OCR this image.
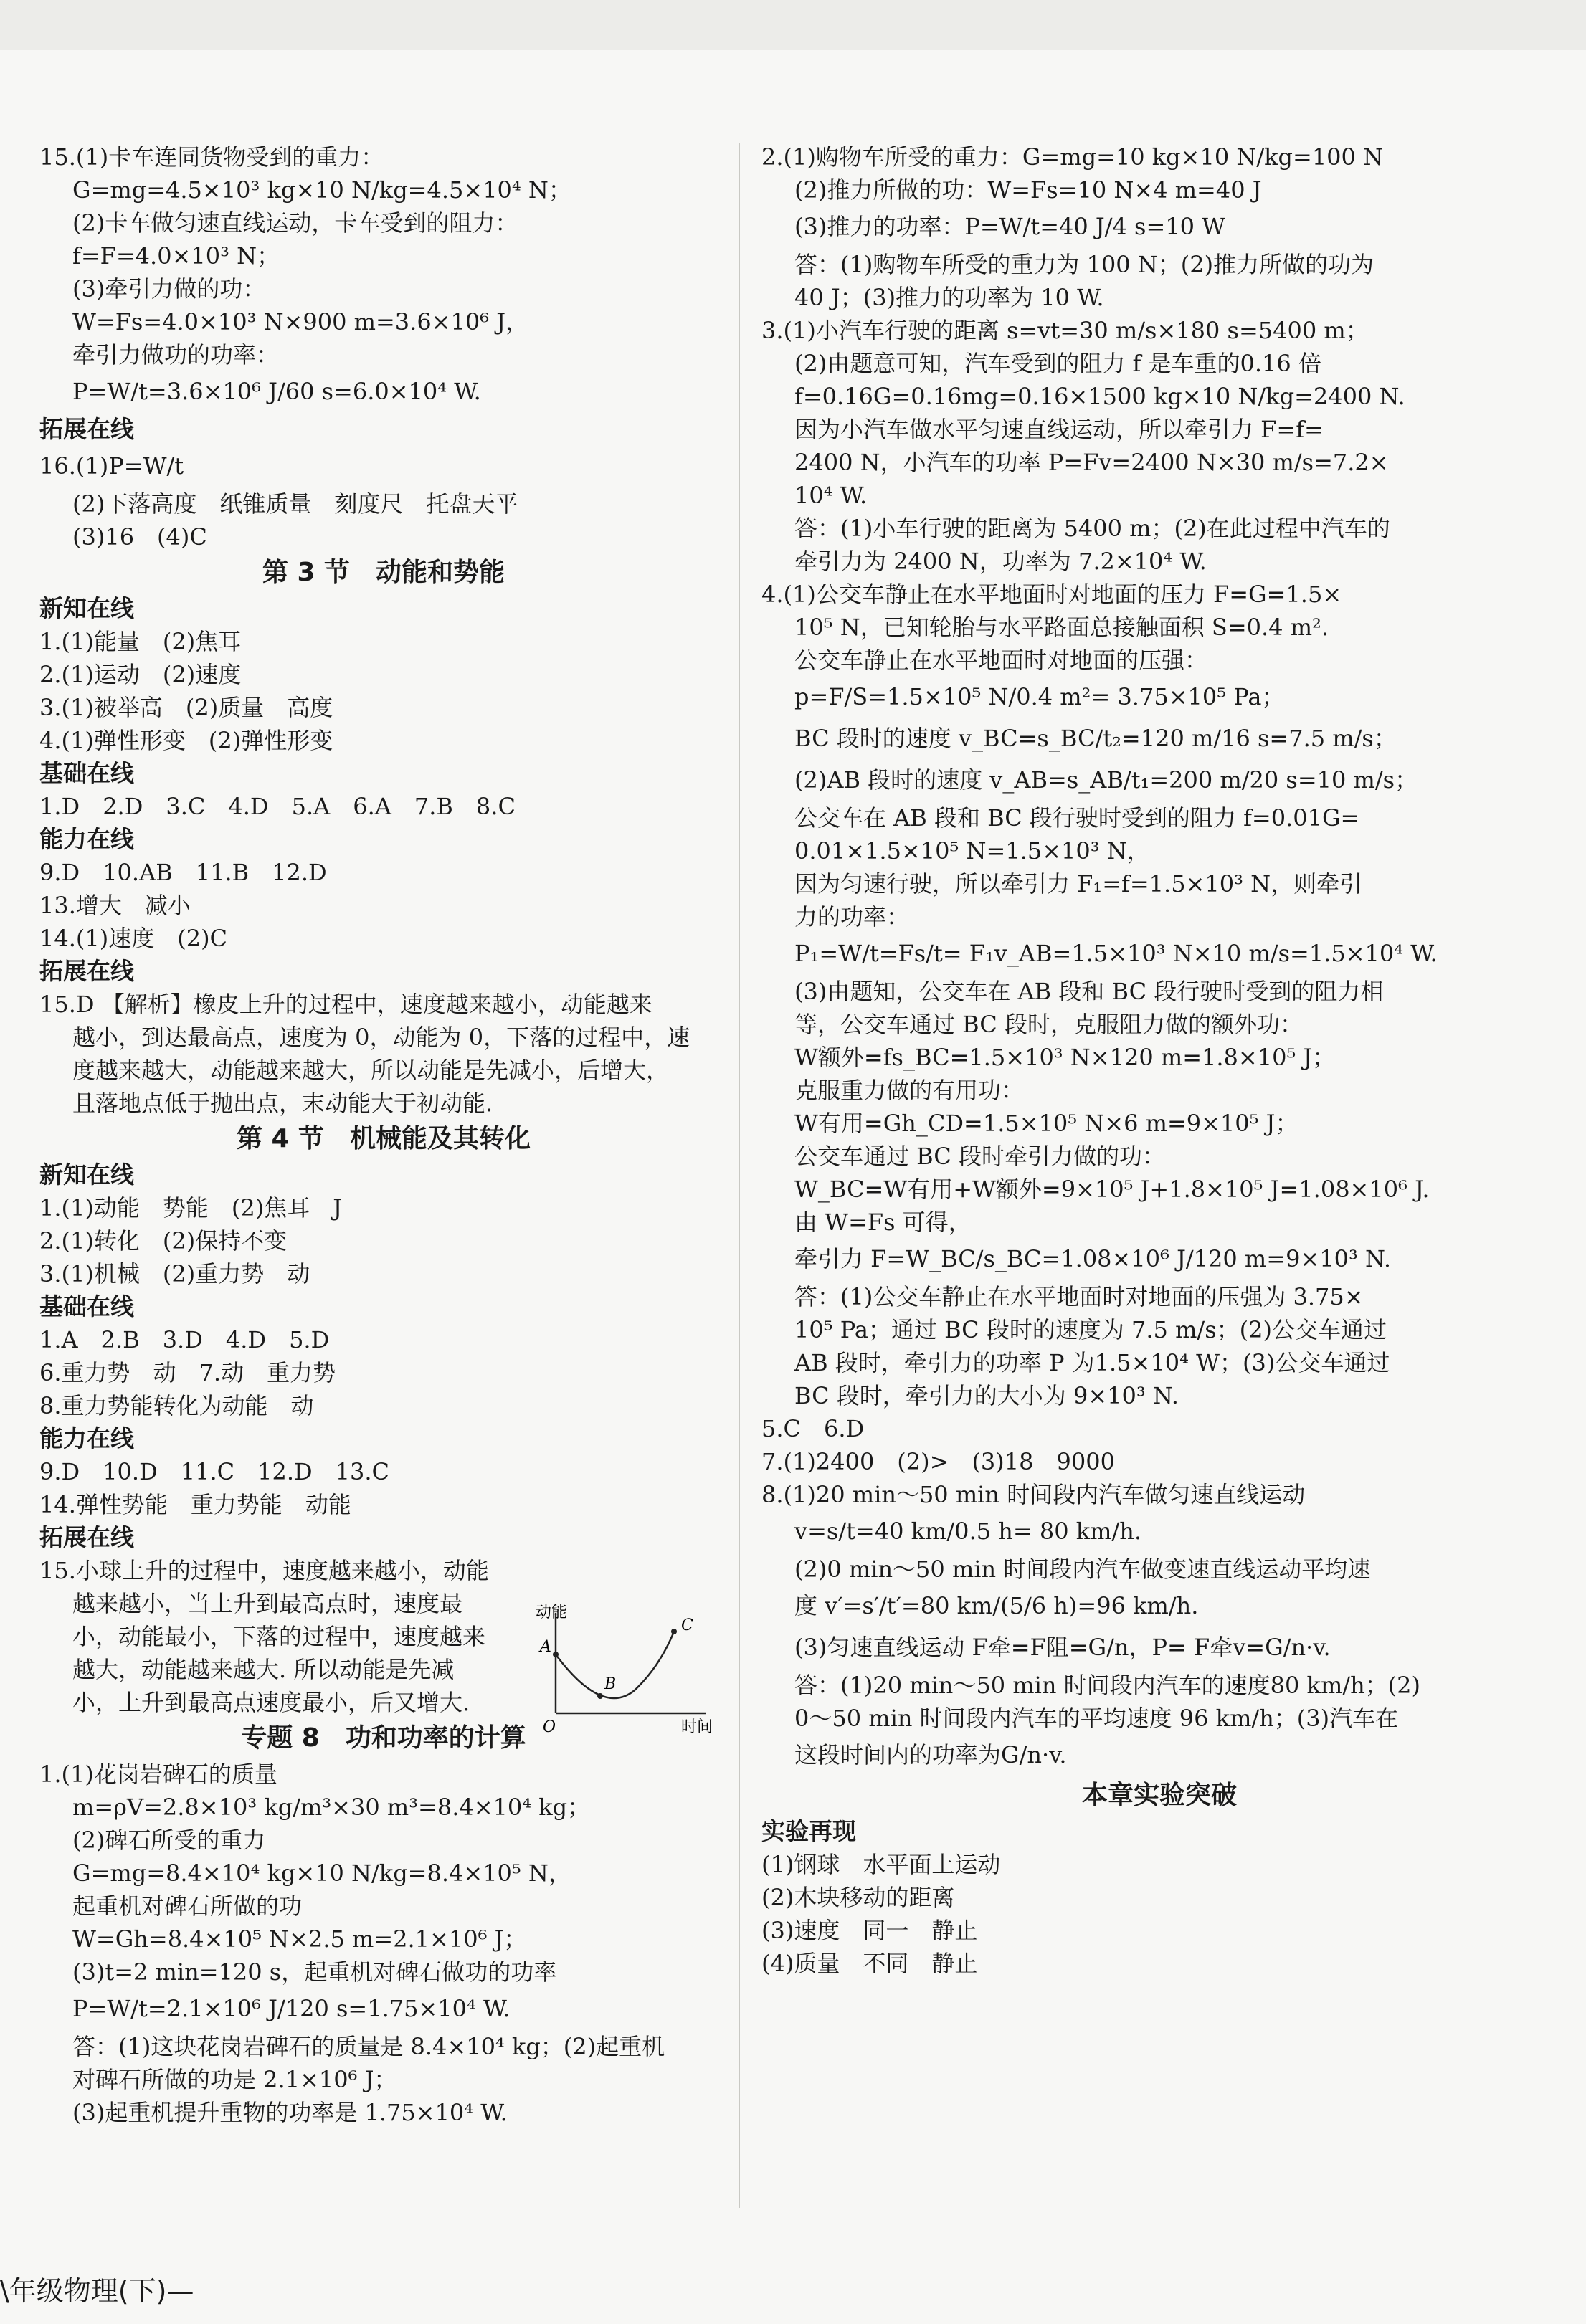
15.(1)卡车连同货物受到的重力：
G=mg=4.5×10³ kg×10 N/kg=4.5×10⁴ N；
(2)卡车做匀速直线运动，卡车受到的阻力：
f=F=4.0×10³ N；
(3)牵引力做的功：
W=Fs=4.0×10³ N×900 m=3.6×10⁶ J，
牵引力做功的功率：
P=W/t=3.6×10⁶ J/60 s=6.0×10⁴ W.
拓展在线
16.(1)P=W/t
(2)下落高度　纸锥质量　刻度尺　托盘天平
(3)16　(4)C
第 3 节　动能和势能
新知在线
1.(1)能量　(2)焦耳
2.(1)运动　(2)速度
3.(1)被举高　(2)质量　高度
4.(1)弹性形变　(2)弹性形变
基础在线
1.D　2.D　3.C　4.D　5.A　6.A　7.B　8.C
能力在线
9.D　10.AB　11.B　12.D
13.增大　减小
14.(1)速度　(2)C
拓展在线
15.D 【解析】橡皮上升的过程中，速度越来越小，动能越来
越小，到达最高点，速度为 0，动能为 0，下落的过程中，速
度越来越大，动能越来越大，所以动能是先减小，后增大，
且落地点低于抛出点，末动能大于初动能.
第 4 节　机械能及其转化
新知在线
1.(1)动能　势能　(2)焦耳　J
2.(1)转化　(2)保持不变
3.(1)机械　(2)重力势　动
基础在线
1.A　2.B　3.D　4.D　5.D
6.重力势　动　7.动　重力势
8.重力势能转化为动能　动
能力在线
9.D　10.D　11.C　12.D　13.C
14.弹性势能　重力势能　动能
拓展在线
15.小球上升的过程中，速度越来越小，动能
越来越小，当上升到最高点时，速度最
小，动能最小，下落的过程中，速度越来
越大，动能越来越大. 所以动能是先减
小，上升到最高点速度最小，后又增大.
专题 8　功和功率的计算
1.(1)花岗岩碑石的质量
m=ρV=2.8×10³ kg/m³×30 m³=8.4×10⁴ kg；
(2)碑石所受的重力
G=mg=8.4×10⁴ kg×10 N/kg=8.4×10⁵ N，
起重机对碑石所做的功
W=Gh=8.4×10⁵ N×2.5 m=2.1×10⁶ J；
(3)t=2 min=120 s，起重机对碑石做功的功率
P=W/t=2.1×10⁶ J/120 s=1.75×10⁴ W.
答：(1)这块花岗岩碑石的质量是 8.4×10⁴ kg；(2)起重机
对碑石所做的功是 2.1×10⁶ J；
(3)起重机提升重物的功率是 1.75×10⁴ W.
2.(1)购物车所受的重力：G=mg=10 kg×10 N/kg=100 N
(2)推力所做的功：W=Fs=10 N×4 m=40 J
(3)推力的功率：P=W/t=40 J/4 s=10 W
答：(1)购物车所受的重力为 100 N；(2)推力所做的功为
40 J；(3)推力的功率为 10 W.
3.(1)小汽车行驶的距离 s=vt=30 m/s×180 s=5400 m；
(2)由题意可知，汽车受到的阻力 f 是车重的0.16 倍
f=0.16G=0.16mg=0.16×1500 kg×10 N/kg=2400 N.
因为小汽车做水平匀速直线运动，所以牵引力 F=f=
2400 N，小汽车的功率 P=Fv=2400 N×30 m/s=7.2×
10⁴ W.
答：(1)小车行驶的距离为 5400 m；(2)在此过程中汽车的
牵引力为 2400 N，功率为 7.2×10⁴ W.
4.(1)公交车静止在水平地面时对地面的压力 F=G=1.5×
10⁵ N，已知轮胎与水平路面总接触面积 S=0.4 m².
公交车静止在水平地面时对地面的压强：
p=F/S=1.5×10⁵ N/0.4 m²= 3.75×10⁵ Pa；
BC 段时的速度 v_BC=s_BC/t₂=120 m/16 s=7.5 m/s；
(2)AB 段时的速度 v_AB=s_AB/t₁=200 m/20 s=10 m/s；
公交车在 AB 段和 BC 段行驶时受到的阻力 f=0.01G=
0.01×1.5×10⁵ N=1.5×10³ N，
因为匀速行驶，所以牵引力 F₁=f=1.5×10³ N，则牵引
力的功率：
P₁=W/t=Fs/t= F₁v_AB=1.5×10³ N×10 m/s=1.5×10⁴ W.
(3)由题知，公交车在 AB 段和 BC 段行驶时受到的阻力相
等，公交车通过 BC 段时，克服阻力做的额外功：
W额外=fs_BC=1.5×10³ N×120 m=1.8×10⁵ J；
克服重力做的有用功：
W有用=Gh_CD=1.5×10⁵ N×6 m=9×10⁵ J；
公交车通过 BC 段时牵引力做的功：
W_BC=W有用+W额外=9×10⁵ J+1.8×10⁵ J=1.08×10⁶ J.
由 W=Fs 可得，
牵引力 F=W_BC/s_BC=1.08×10⁶ J/120 m=9×10³ N.
答：(1)公交车静止在水平地面时对地面的压强为 3.75×
10⁵ Pa；通过 BC 段时的速度为 7.5 m/s；(2)公交车通过
AB 段时，牵引力的功率 P 为1.5×10⁴ W；(3)公交车通过
BC 段时，牵引力的大小为 9×10³ N.
5.C　6.D
7.(1)2400　(2)>　(3)18　9000
8.(1)20 min～50 min 时间段内汽车做匀速直线运动
v=s/t=40 km/0.5 h= 80 km/h.
(2)0 min～50 min 时间段内汽车做变速直线运动平均速
度 v′=s′/t′=80 km/(5/6 h)=96 km/h.
(3)匀速直线运动 F牵=F阻=G/n，P= F牵v=G/n·v.
答：(1)20 min～50 min 时间段内汽车的速度80 km/h；(2)
0～50 min 时间段内汽车的平均速度 96 km/h；(3)汽车在
这段时间内的功率为G/n·v.
本章实验突破
实验再现
(1)钢球　水平面上运动
(2)木块移动的距离
(3)速度　同一　静止
(4)质量　不同　静止
动能
时间
O
A
B
C
\年级物理(下)—
